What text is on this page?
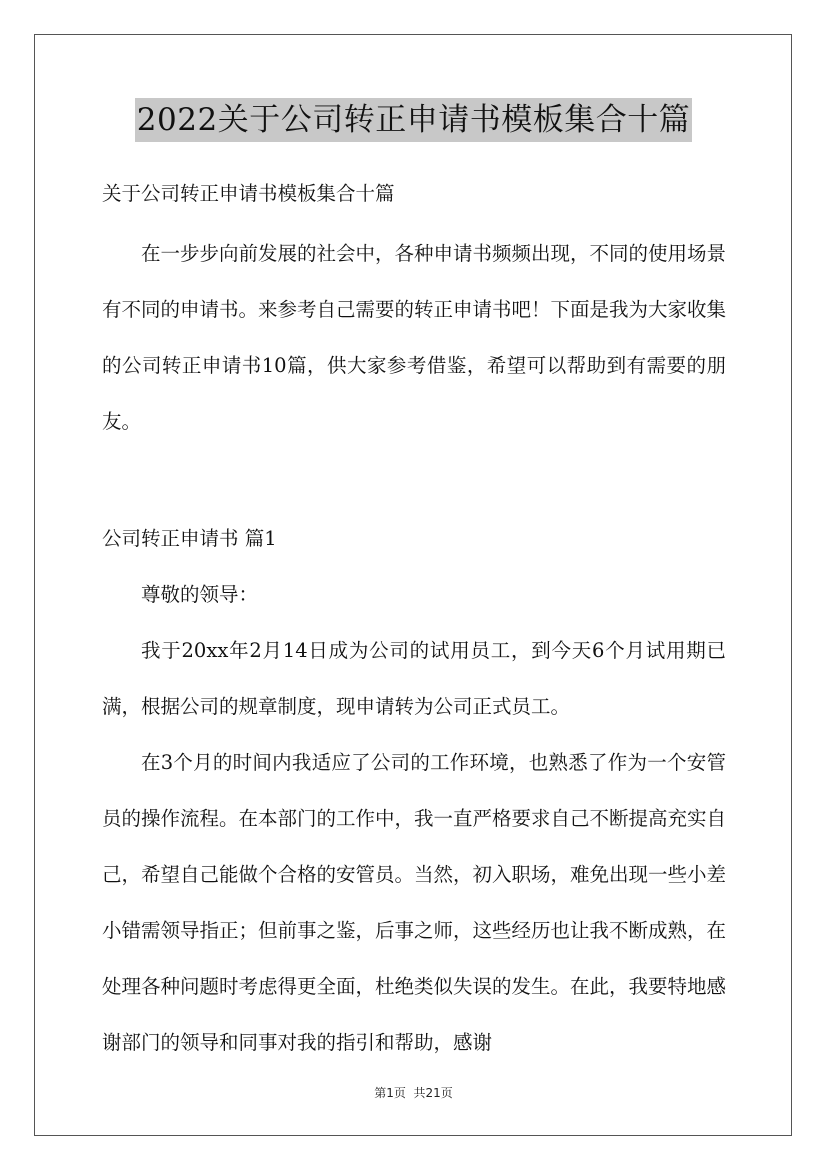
2022关于公司转正申请书模板集合十篇

关于公司转正申请书模板集合十篇

在一步步向前发展的社会中，各种申请书频频出现，不同的使用场景有不同的申请书。来参考自己需要的转正申请书吧！下面是我为大家收集的公司转正申请书10篇，供大家参考借鉴，希望可以帮助到有需要的朋友。

公司转正申请书 篇1

尊敬的领导：

我于20xx年2月14日成为公司的试用员工，到今天6个月试用期已满，根据公司的规章制度，现申请转为公司正式员工。

在3个月的时间内我适应了公司的工作环境，也熟悉了作为一个安管员的操作流程。在本部门的工作中，我一直严格要求自己不断提高充实自己，希望自己能做个合格的安管员。当然，初入职场，难免出现一些小差小错需领导指正；但前事之鉴，后事之师，这些经历也让我不断成熟，在处理各种问题时考虑得更全面，杜绝类似失误的发生。在此，我要特地感谢部门的领导和同事对我的指引和帮助，感谢

第1页 共21页
